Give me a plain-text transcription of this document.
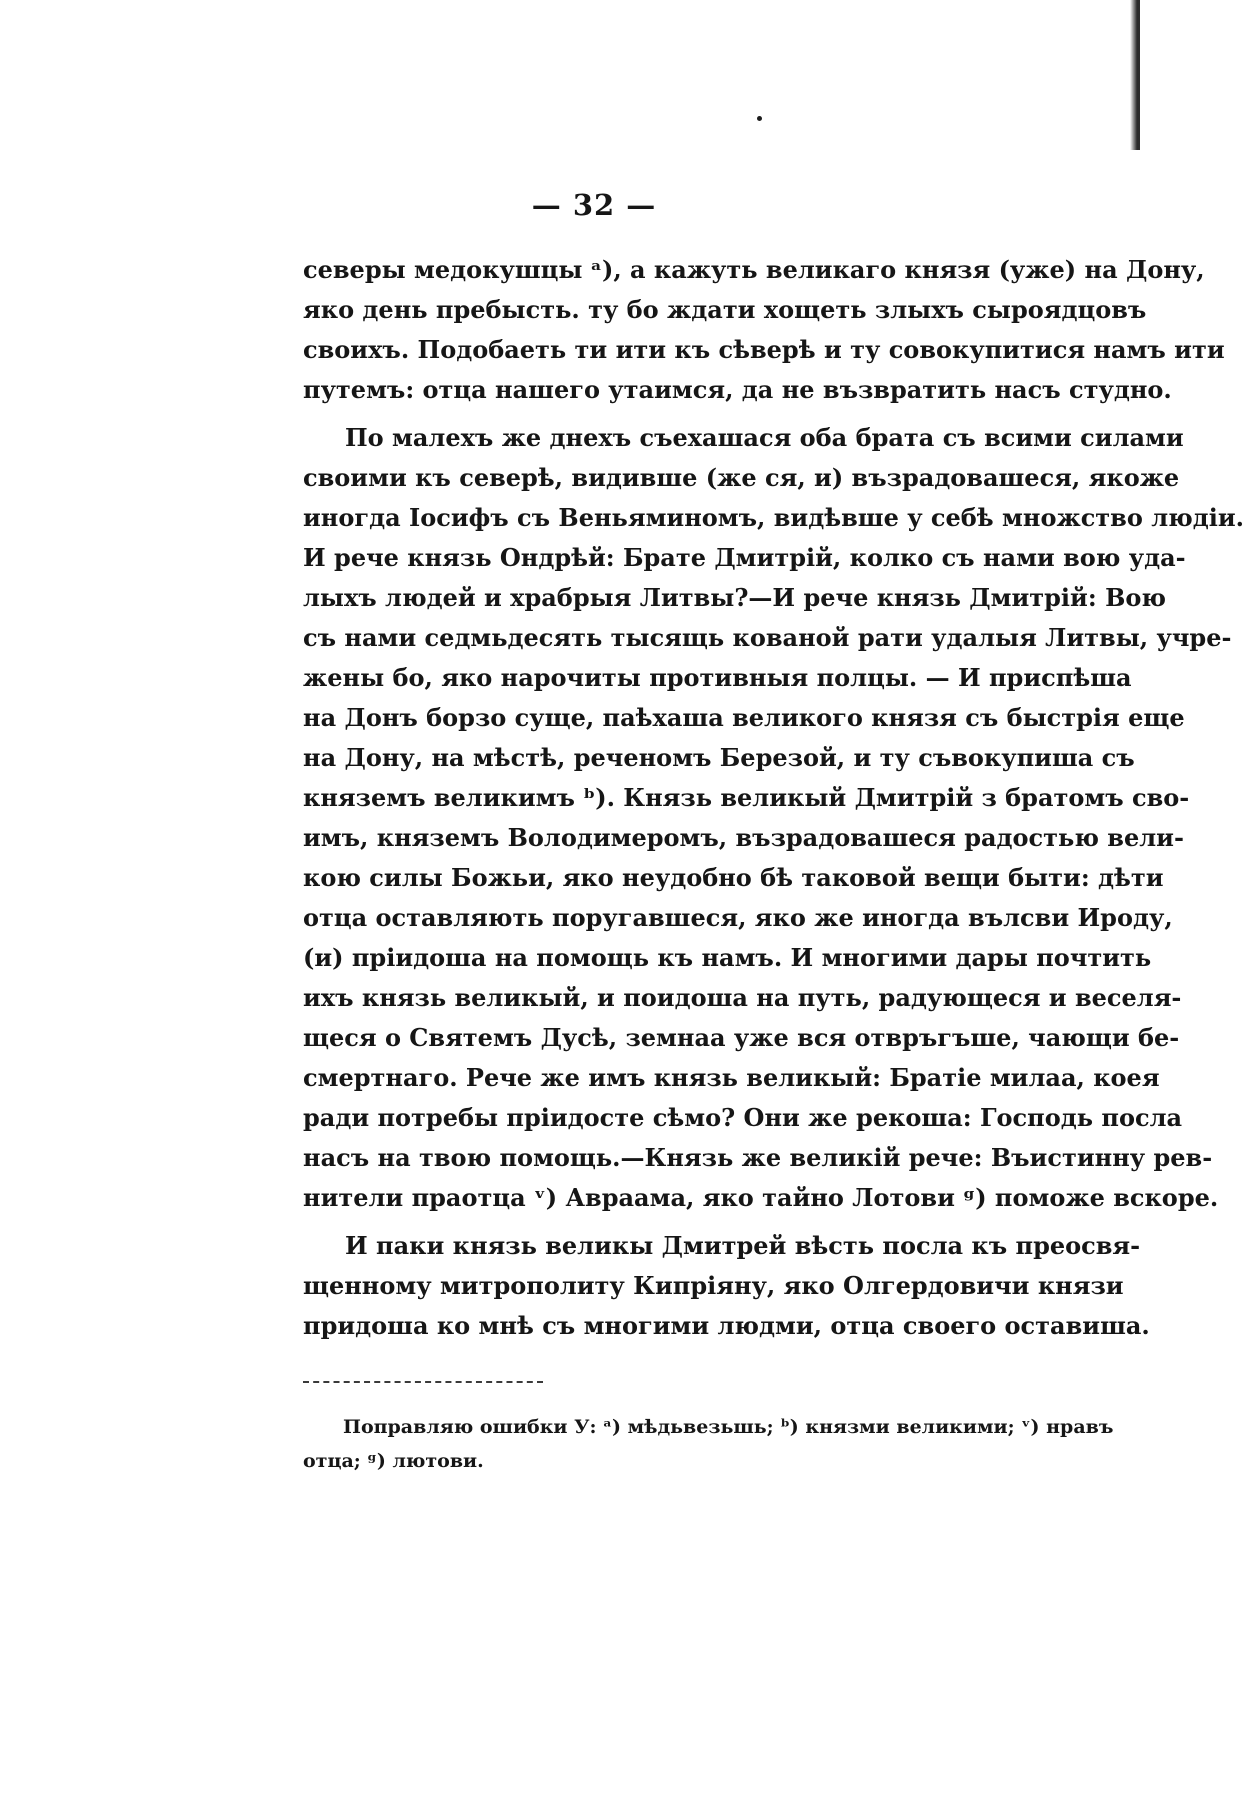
— 32 —
северы медокушцы ᵃ), а кажуть великаго князя (уже) на Дону,
яко день пребысть. ту бо ждати хощеть злыхъ сыроядцовъ
своихъ. Подобаеть ти ити къ сѣверѣ и ту совокупитися намъ ити
путемъ: отца нашего утаимся, да не възвратить насъ студно.
По малехъ же днехъ съехашася оба брата съ всими силами
своими къ северѣ, видивше (же ся, и) възрадовашеся, якоже
иногда Iосифъ съ Веньяминомъ, видѣвше у себѣ множство людiи.
И рече князь Ондрѣй: Брате Дмитрiй, колко съ нами вою уда-
лыхъ людей и храбрыя Литвы?—И рече князь Дмитрiй: Вою
съ нами седмьдесять тысящь кованой рати удалыя Литвы, учре-
жены бо, яко нарочиты противныя полцы. — И приспѣша
на Донъ борзо суще, паѣхаша великого князя съ быстрiя еще
на Дону, на мѣстѣ, реченомъ Березой, и ту съвокупиша съ
княземъ великимъ ᵇ). Князь великый Дмитрiй з братомъ сво-
имъ, княземъ Володимеромъ, възрадовашеся радостью вели-
кою силы Божьи, яко неудобно бѣ таковой вещи быти: дѣти
отца оставляють поругавшеся, яко же иногда вълсви Ироду,
(и) прiидоша на помощь къ намъ. И многими дары почтить
ихъ князь великый, и поидоша на путь, радующеся и веселя-
щеся о Святемъ Дусѣ, земнаа уже вся отвръгъше, чающи бе-
смертнаго. Рече же имъ князь великый: Братiе милаа, коея
ради потребы прiидосте сѣмо? Они же рекоша: Господь посла
насъ на твою помощь.—Князь же великiй рече: Въистинну рев-
нители праотца ᵛ) Авраама, яко тайно Лотови ᵍ) поможе вскоре.
И паки князь великы Дмитрей вѣсть посла къ преосвя-
щенному митрополиту Кипрiяну, яко Олгердовичи князи
придоша ко мнѣ съ многими людми, отца своего оставиша.
Поправляю ошибки У: ᵃ) мѣдьвезьшь; ᵇ) князми великими; ᵛ) нравъ
отца; ᵍ) лютови.
